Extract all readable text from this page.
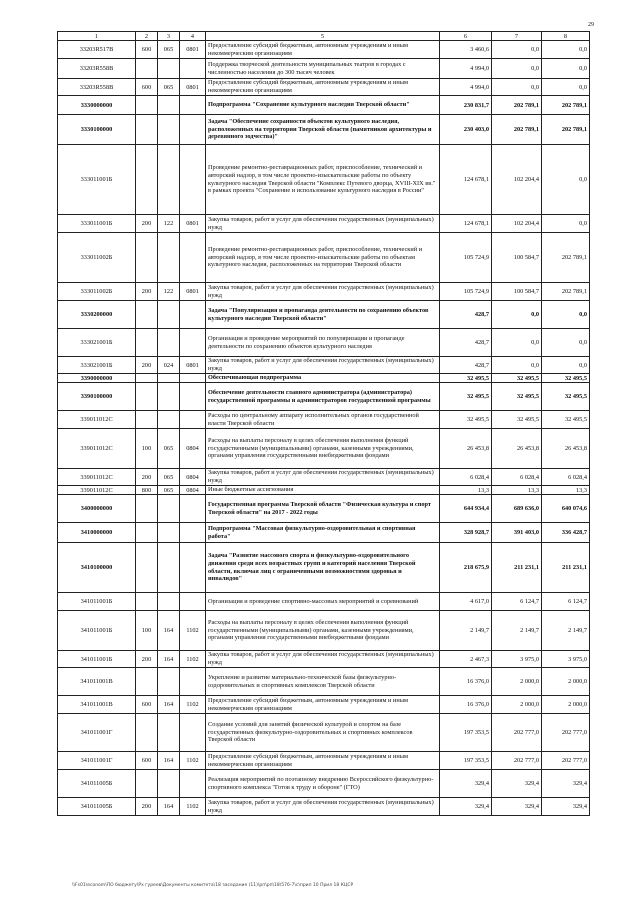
29
1	2	3	4	5	6	7	8
33203R517B	600	065	0801	Предоставление субсидий бюджетным, автономным учреждениям и иным некоммерческим организациям	3 460,6	0,0	0,0
33203R558B				Поддержка творческой деятельности муниципальных театров в городах с численностью населения до 300 тысяч человек	4 994,0	0,0	0,0
33203R558B	600	065	0801	Предоставление субсидий бюджетным, автономным учреждениям и иным некоммерческим организациям	4 994,0	0,0	0,0
3330000000				Подпрограмма "Сохранение культурного наследия Тверской области"	230 831,7	202 789,1	202 789,1
3330100000				Задача "Обеспечение сохранности объектов культурного наследия, расположенных на территории Тверской области (памятников архитектуры и деревянного зодчества)"	230 403,0	202 789,1	202 789,1
333011001Б				Проведение ремонтно-реставрационных работ, приспособление, технический и авторский надзор, в том числе проектно-изыскательские работы по объекту культурного наследия Тверской области "Комплекс Путевого дворца, XVIII-XIX вв." в рамках проекта "Сохранение и использование культурного наследия в России"	124 678,1	102 204,4	0,0
333011001Б	200	122	0801	Закупка товаров, работ и услуг для обеспечения государственных (муниципальных) нужд	124 678,1	102 204,4	0,0
333011002Б				Проведение ремонтно-реставрационных работ, приспособление, технический и авторский надзор, в том числе проектно-изыскательские работы по объектам культурного наследия, расположенных на территории Тверской области	105 724,9	100 584,7	202 789,1
333011002Б	200	122	0801	Закупка товаров, работ и услуг для обеспечения государственных (муниципальных) нужд	105 724,9	100 584,7	202 789,1
3330200000				Задача "Популяризация и пропаганда деятельности по сохранению объектов культурного наследия Тверской области"	428,7	0,0	0,0
333021001Б				Организация и проведение мероприятий по популяризации и пропаганде деятельности по сохранению объектов культурного наследия	428,7	0,0	0,0
333021001Б	200	024	0801	Закупка товаров, работ и услуг для обеспечения государственных (муниципальных) нужд	428,7	0,0	0,0
3390000000				Обеспечивающая подпрограмма	32 495,5	32 495,5	32 495,5
3390100000				Обеспечение деятельности главного администратора (администратора) государственной программы и администраторов государственной программы	32 495,5	32 495,5	32 495,5
339011012С				Расходы по центральному аппарату исполнительных органов государственной власти Тверской области	32 495,5	32 495,5	32 495,5
339011012С	100	065	0804	Расходы на выплаты персоналу в целях обеспечения выполнения функций государственными (муниципальными) органами, казенными учреждениями, органами управления государственными внебюджетными фондами	26 453,8	26 453,8	26 453,8
339011012С	200	065	0804	Закупка товаров, работ и услуг для обеспечения государственных (муниципальных) нужд	6 028,4	6 028,4	6 028,4
339011012С	800	065	0804	Иные бюджетные ассигнования	13,3	13,3	13,3
3400000000				Государственная программа Тверской области "Физическая культура и спорт Тверской области" на 2017 - 2022 годы	644 934,4	689 636,0	640 074,6
3410000000				Подпрограмма "Массовая физкультурно-оздоровительная и спортивная работа"	328 928,7	391 403,0	336 428,7
3410100000				Задача "Развитие массового спорта и физкультурно-оздоровительного движения среди всех возрастных групп и категорий населения Тверской области, включая лиц с ограниченными возможностями здоровья и инвалидов"	218 675,9	211 231,1	211 231,1
341011001Б				Организация и проведение спортивно-массовых мероприятий и соревнований	4 617,0	6 124,7	6 124,7
341011001Б	100	164	1102	Расходы на выплаты персоналу в целях обеспечения выполнения функций государственными (муниципальными) органами, казенными учреждениями, органами управления государственными внебюджетными фондами	2 149,7	2 149,7	2 149,7
341011001Б	200	164	1102	Закупка товаров, работ и услуг для обеспечения государственных (муниципальных) нужд	2 467,3	3 975,0	3 975,0
341011001В				Укрепление и развитие материально-технической базы физкультурно-оздоровительных и спортивных комплексов Тверской области	16 376,0	2 000,0	2 000,0
341011001В	600	164	1102	Предоставление субсидий бюджетным, автономным учреждениям и иным некоммерческим организациям	16 376,0	2 000,0	2 000,0
341011001Г				Создание условий для занятий физической культурой и спортом на базе государственных физкультурно-оздоровительных и спортивных комплексов Тверской области	197 353,5	202 777,0	202 777,0
341011001Г	600	164	1102	Предоставление субсидий бюджетным, автономным учреждениям и иным некоммерческим организациям	197 353,5	202 777,0	202 777,0
341011005Б				Реализация мероприятий по поэтапному внедрению Всероссийского физкультурно-спортивного комплекса "Готов к труду и обороне" (ГТО)	329,4	329,4	329,4
341011005Б	200	164	1102	Закупка товаров, работ и услуг для обеспечения государственных (муниципальных) нужд	329,4	329,4	329,4
\\Fs01\econom\ПО бюджету\Рх гуреев\Документы комитета\18 заседание (11)\рп\рп\18\576-7\с\прил 10 Прил 18 КЦСР
